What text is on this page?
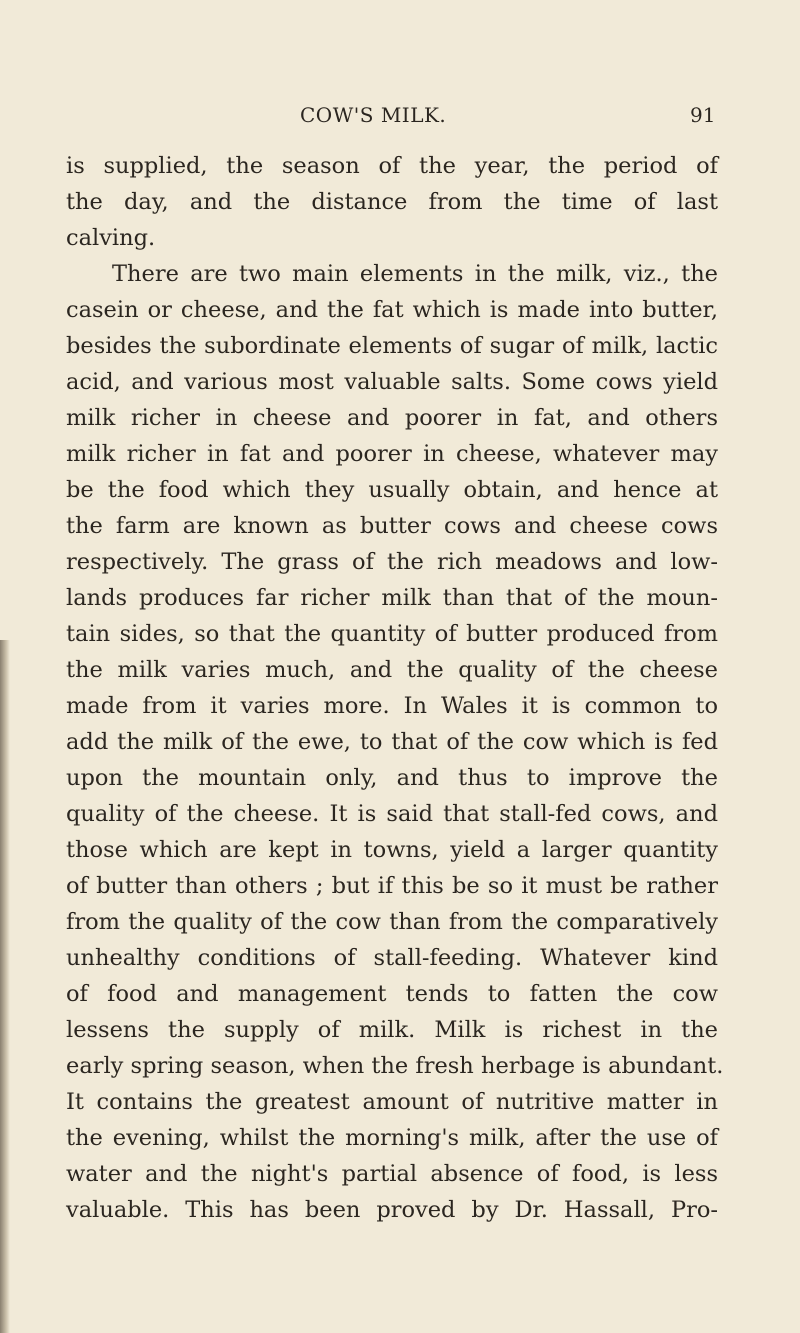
COW'S MILK.	91
is supplied, the season of the year, the period of
the day, and the distance from the time of last
calving.
There are two main elements in the milk, viz., the
casein or cheese, and the fat which is made into butter,
besides the subordinate elements of sugar of milk, lactic
acid, and various most valuable salts. Some cows yield
milk richer in cheese and poorer in fat, and others
milk richer in fat and poorer in cheese, whatever may
be the food which they usually obtain, and hence at
the farm are known as butter cows and cheese cows
respectively. The grass of the rich meadows and low-
lands produces far richer milk than that of the moun-
tain sides, so that the quantity of butter produced from
the milk varies much, and the quality of the cheese
made from it varies more. In Wales it is common to
add the milk of the ewe, to that of the cow which is fed
upon the mountain only, and thus to improve the
quality of the cheese. It is said that stall-fed cows, and
those which are kept in towns, yield a larger quantity
of butter than others ; but if this be so it must be rather
from the quality of the cow than from the comparatively
unhealthy conditions of stall-feeding. Whatever kind
of food and management tends to fatten the cow
lessens the supply of milk. Milk is richest in the
early spring season, when the fresh herbage is abundant.
It contains the greatest amount of nutritive matter in
the evening, whilst the morning's milk, after the use of
water and the night's partial absence of food, is less
valuable. This has been proved by Dr. Hassall, Pro-
